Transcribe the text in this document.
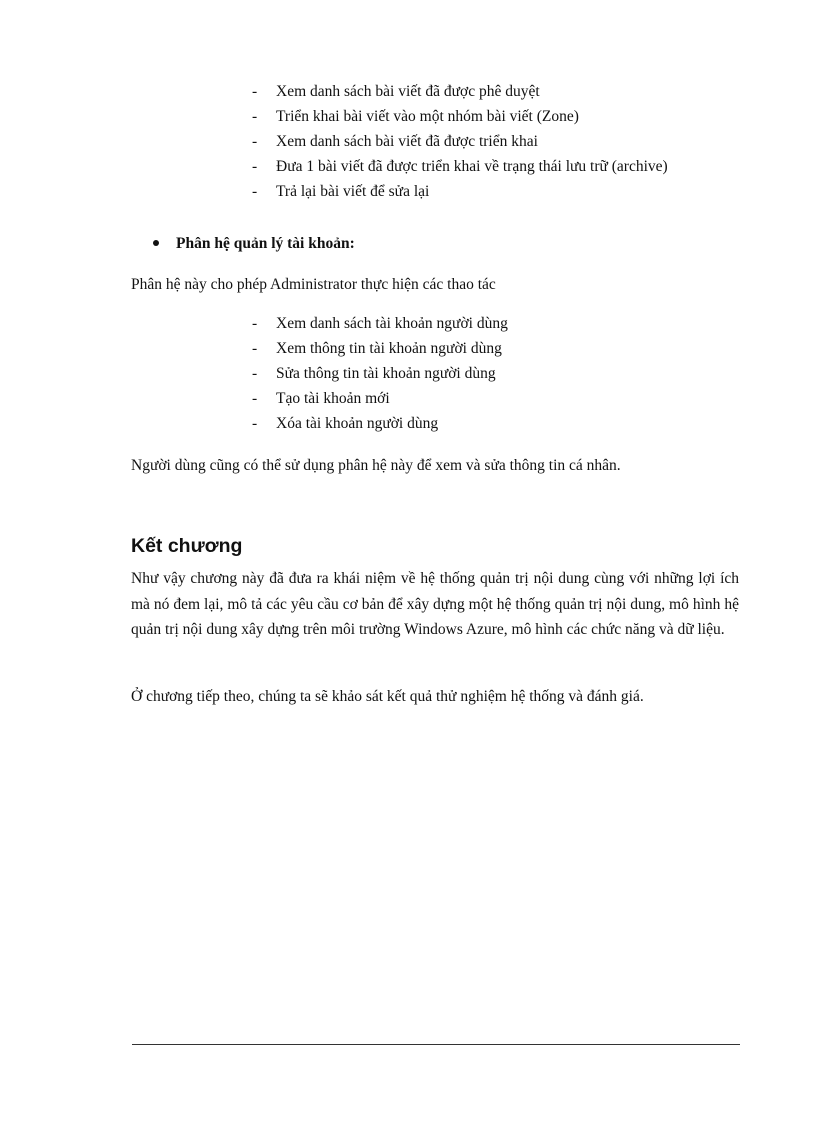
- Xem danh sách bài viết đã được phê duyệt
- Triển khai bài viết vào một nhóm bài viết (Zone)
- Xem danh sách bài viết đã được triển khai
- Đưa 1 bài viết đã được triển khai về trạng thái lưu trữ (archive)
- Trả lại bài viết để sửa lại
Phân hệ quản lý tài khoản:

Phân hệ này cho phép Administrator thực hiện các thao tác

- Xem danh sách tài khoản người dùng
- Xem thông tin tài khoản người dùng
- Sửa thông tin tài khoản người dùng
- Tạo tài khoản mới
- Xóa tài khoản người dùng

Người dùng cũng có thể sử dụng phân hệ này để xem và sửa thông tin cá nhân.

Kết chương

Như vậy chương này đã đưa ra khái niệm về hệ thống quản trị nội dung cùng với những lợi ích mà nó đem lại, mô tả các yêu cầu cơ bản để xây dựng một hệ thống quản trị nội dung, mô hình hệ quản trị nội dung xây dựng trên môi trường Windows Azure, mô hình các chức năng và dữ liệu.

Ở chương tiếp theo, chúng ta sẽ khảo sát kết quả thử nghiệm hệ thống và đánh giá.
